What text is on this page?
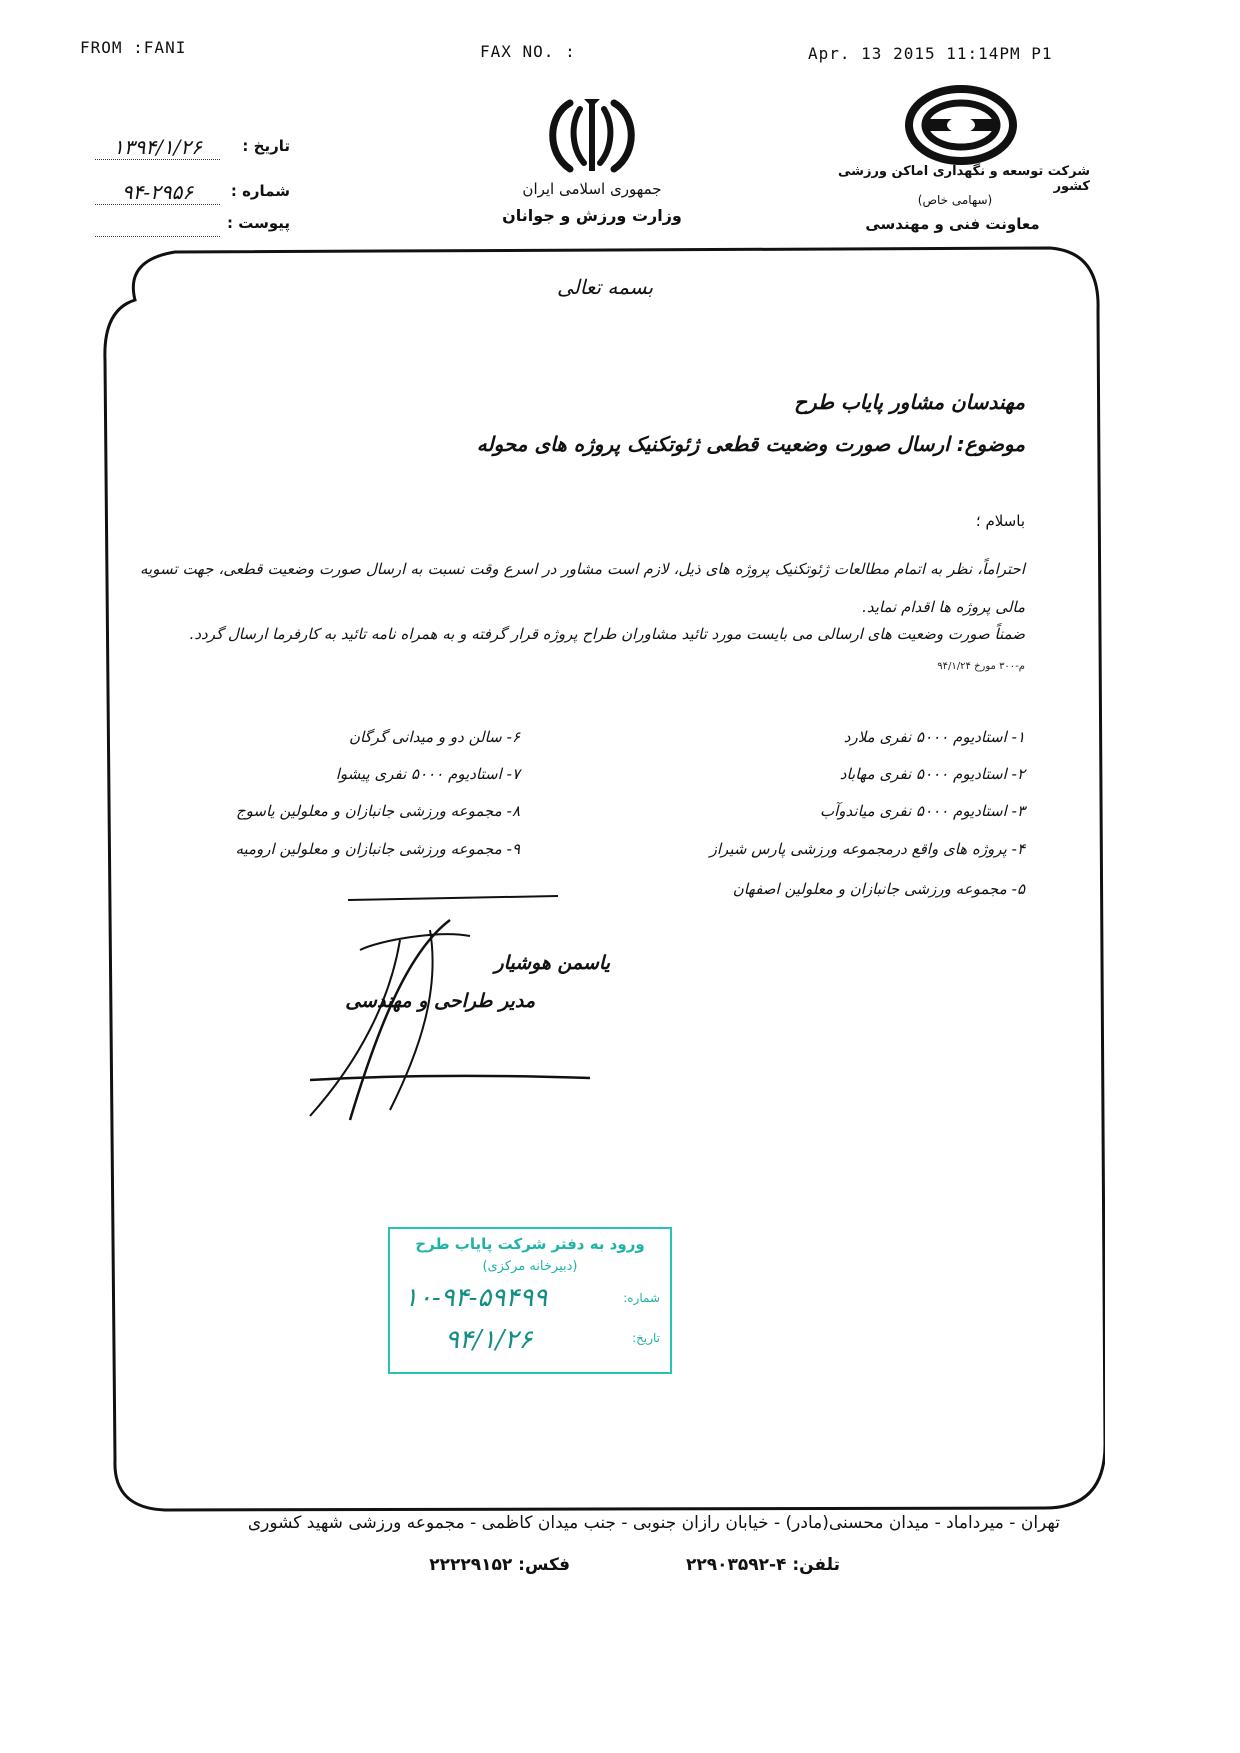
FROM :FANI	FAX NO. :	Apr. 13 2015 11:14PM P1
تاریخ :
۱۳۹۴/۱/۲۶
شماره :
۹۴-۲۹۵۶
پیوست :
جمهوری اسلامی ایران
وزارت ورزش و جوانان
شرکت توسعه و نگهداری اماکن ورزشی کشور
(سهامی خاص)
معاونت فنی و مهندسی
بسمه تعالی
مهندسان مشاور پایاب طرح
موضوع: ارسال صورت وضعیت قطعی ژئوتکنیک پروژه های محوله
باسلام ؛
احتراماً، نظر به اتمام مطالعات ژئوتکنیک پروژه های ذیل، لازم است مشاور در اسرع وقت نسبت به ارسال صورت وضعیت قطعی، جهت تسویه مالی پروژه ها اقدام نماید.
ضمناً صورت وضعیت های ارسالی می بایست مورد تائید مشاوران طراح پروژه قرار گرفته و به همراه نامه تائید به کارفرما ارسال گردد.
م-۳۰۰ مورخ ۹۴/۱/۲۴
۱- استادیوم ۵۰۰۰ نفری ملارد
۲- استادیوم ۵۰۰۰ نفری مهاباد
۳- استادیوم ۵۰۰۰ نفری میاندوآب
۴- پروژه های واقع درمجموعه ورزشی پارس شیراز
۵- مجموعه ورزشی جانبازان و معلولین اصفهان
۶- سالن دو و میدانی گرگان
۷- استادیوم ۵۰۰۰ نفری پیشوا
۸- مجموعه ورزشی جانبازان و معلولین یاسوج
۹- مجموعه ورزشی جانبازان و معلولین ارومیه
یاسمن هوشیار
مدیر طراحی و مهندسی
ورود به دفتر شرکت پایاب طرح
(دبیرخانه مرکزی)
شماره:
۱۰-۹۴-۵۹۴۹۹
تاریخ:
۹۴/۱/۲۶
تهران - میرداماد - میدان محسنی(مادر) - خیابان رازان جنوبی - جنب میدان کاظمی - مجموعه ورزشی شهید کشوری
تلفن: ۴-۲۲۹۰۳۵۹۲
فکس: ۲۲۲۲۹۱۵۲
